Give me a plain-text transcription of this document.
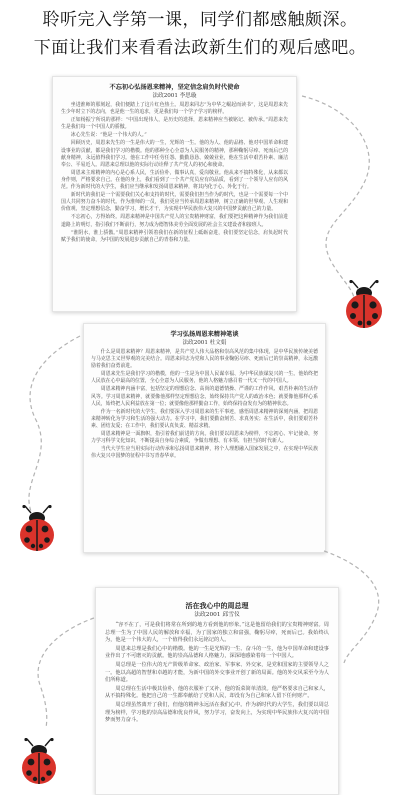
聆听完入学第一课，同学们都感触颇深。
下面让我们来看看法政新生们的观后感吧。
不忘初心弘扬恩来精神，坚定信念肩负时代使命
法政2001 李思璇

坐进淮师的那刻起，我们便踏上了这片红色热土。周恩来同志“为中华之崛起而读书”，这是周恩来先生少年时立下的志向，也是他一生的追求，更是我们每一个学子学习的榜样。

正如杨振宁所说的那样：“中国出现伟人，是历史的选择，恩来精神应当被铭记、被传承。”周恩来先生是我们每一个中国人的骄傲。

冰心先生说：“他是一个伟大的人。”

回顾历史，周恩来先生的一生是伟大的一生，光辉的一生。他的为人、他的品格、他对中国革命和建设事业的贡献，都是我们学习的楷模。他的那种全心全意为人民服务的精神，那种鞠躬尽瘁、死而后已的献身精神，永远值得我们学习。他在工作中任劳任怨、勤勤恳恳、兢兢业业，他在生活中艰苦朴素、廉洁奉公、平易近人。周恩来总理以他的实际行动诠释了共产党人的初心和使命。

周恩来主席精神的内心是心系人民，生活俭朴，做事认真，爱岗敬业。他从来不搞特殊化，从来都以身作则，严格要求自己。在他的身上，我们看到了一个共产党员应有的品质，看到了一个领导人应有的风范。作为新时代的大学生，我们应当继承和发扬周恩来精神，将其内化于心、外化于行。

新时代的我们是一个需要我们关心和支持的时代，需要我们担当作为的时代，也是一个需要每一个中国人共同努力奋斗的时代。作为淮师的一员，我们更应当传承周恩来精神，树立正确的世界观、人生观和价值观，坚定理想信念，勤奋学习，增长才干，为实现中华民族伟大复兴的中国梦贡献自己的力量。

不忘初心，方得始终。周恩来精神是中国共产党人的宝贵精神财富，我们要把这种精神作为我们前进道路上的明灯，指引我们不断前行，努力成为德智体美劳全面发展的社会主义建设者和接班人。

“淮阴水，淮上骄傲。”周恩来精神引领着我们在新的征程上砥砺奋进，我们要坚定信念，肩负起时代赋予我们的使命，为中国的发展进步贡献自己的青春和力量。

学习弘扬周恩来精神笔谈
法政2001 杜文娟

什么是周恩来精神？周恩来精神，是共产党人伟大品格和崇高风范的集中体现，是中华民族传统美德与马克思主义世界观的完美结合。周恩来同志为党和人民的事业鞠躬尽瘁、死而后已的崇高精神，永远激励着我们奋勇前进。

周恩来先生是我们学习的楷模，他的一生是为中国人民谋幸福、为中华民族谋复兴的一生。他始终把人民放在心中最高的位置，全心全意为人民服务，他的人格魅力感召着一代又一代的中国人。

周恩来精神内涵丰富，包括坚定的理想信念、高尚的道德情操、严谨的工作作风、艰苦朴素的生活作风等。学习周恩来精神，就要像他那样坚定理想信念，始终保持共产党人的政治本色；就要像他那样心系人民，始终把人民利益放在第一位；就要像他那样勤奋工作，始终保持奋发有为的精神状态。

作为一名新时代的大学生，我们要深入学习周恩来的生平事迹，感悟周恩来精神的深刻内涵，把周恩来精神转化为学习和生活的强大动力。在学习中，我们要勤奋刻苦、求真务实；在生活中，我们要艰苦朴素、团结友爱；在工作中，我们要认真负责、精益求精。

周恩来精神是一面旗帜，指引着我们前进的方向。我们要以周恩来为榜样，不忘初心、牢记使命，努力学习科学文化知识，不断提高自身综合素质，争做有理想、有本领、有担当的时代新人。

当代大学生应当用实际行动传承和弘扬周恩来精神，将个人理想融入国家发展之中，在实现中华民族伟大复兴中国梦的征程中书写青春华章。

活在我心中的周总理
法政2001 邱雪仪

“容不在了，可是我们将常在所到的地方看到他的形象。”这是他留给我们的宝贵精神财富。周总理一生为了中国人民的解放和幸福，为了国家的独立和富强，鞠躬尽瘁，死而后已。我始终认为，他是一个伟大的人，一个值得我们永远铭记的人。

周恩来总理是我们心中的楷模。他的一生是光辉的一生、奋斗的一生，他为中国革命和建设事业作出了不可磨灭的贡献。他的崇高品德和人格魅力，深深地感染着每一个中国人。

周总理是一位伟大的无产阶级革命家、政治家、军事家、外交家，是党和国家的主要领导人之一。他以高超的智慧和卓越的才能，为新中国的外交事业开创了新的局面。他的外交风采至今为人们所称道。

周总理在生活中极其俭朴，他的衣服补了又补，他的饭菜简单清淡。他严格要求自己和家人，从不搞特殊化。他把自己的一生都奉献给了党和人民，却没有为自己和家人留下任何财产。

周总理虽然离开了我们，但他的精神永远活在我们心中。作为新时代的大学生，我们要以周总理为榜样，学习他的崇高品德和优良作风，努力学习，奋发向上，为实现中华民族伟大复兴的中国梦而努力奋斗。
